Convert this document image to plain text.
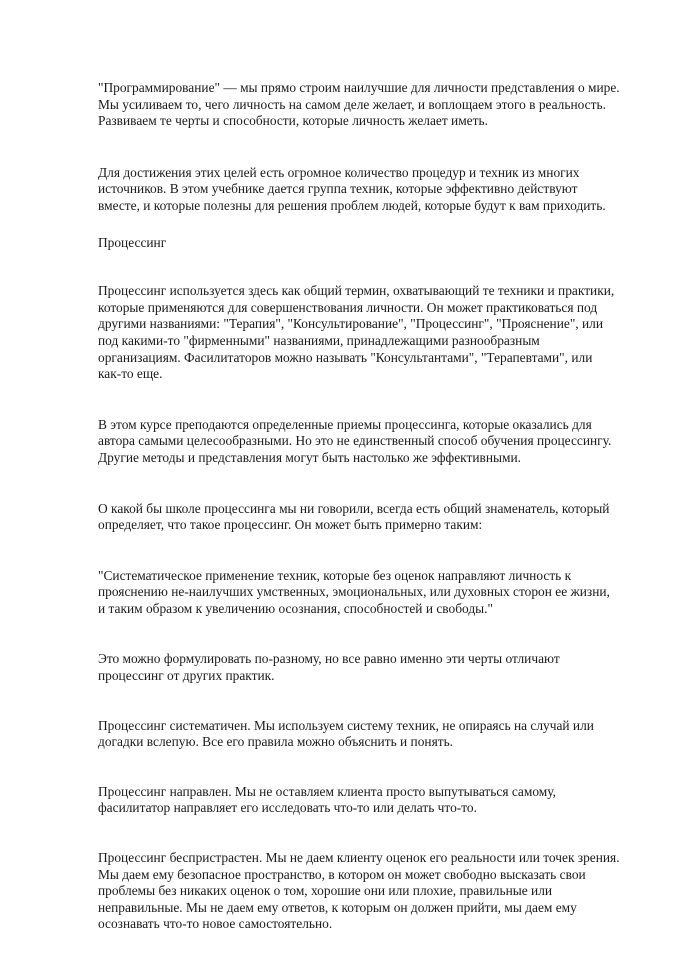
"Программирование" — мы прямо строим наилучшие для личности представления о мире.
Мы усиливаем то, чего личность на самом деле желает, и воплощаем этого в реальность.
Развиваем те черты и способности, которые личность желает иметь.

Для достижения этих целей есть огромное количество процедур и техник из многих
источников. В этом учебнике дается группа техник, которые эффективно действуют
вместе, и которые полезны для решения проблем людей, которые будут к вам приходить.

Процессинг

Процессинг используется здесь как общий термин, охватывающий те техники и практики,
которые применяются для совершенствования личности. Он может практиковаться под
другими названиями: "Терапия", "Консультирование", "Процессинг", "Прояснение", или
под какими-то "фирменными" названиями, принадлежащими разнообразным
организациям. Фасилитаторов можно называть "Консультантами", "Терапевтами", или
как-то еще.

В этом курсе преподаются определенные приемы процессинга, которые оказались для
автора самыми целесообразными. Но это не единственный способ обучения процессингу.
Другие методы и представления могут быть настолько же эффективными.

О какой бы школе процессинга мы ни говорили, всегда есть общий знаменатель, который
определяет, что такое процессинг. Он может быть примерно таким:

"Систематическое применение техник, которые без оценок направляют личность к
прояснению не-наилучших умственных, эмоциональных, или духовных сторон ее жизни,
и таким образом к увеличению осознания, способностей и свободы."

Это можно формулировать по-разному, но все равно именно эти черты отличают
процессинг от других практик.

Процессинг систематичен. Мы используем систему техник, не опираясь на случай или
догадки вслепую. Все его правила можно объяснить и понять.

Процессинг направлен. Мы не оставляем клиента просто выпутываться самому,
фасилитатор направляет его исследовать что-то или делать что-то.

Процессинг беспристрастен. Мы не даем клиенту оценок его реальности или точек зрения.
Мы даем ему безопасное пространство, в котором он может свободно высказать свои
проблемы без никаких оценок о том, хорошие они или плохие, правильные или
неправильные. Мы не даем ему ответов, к которым он должен прийти, мы даем ему
осознавать что-то новое самостоятельно.
